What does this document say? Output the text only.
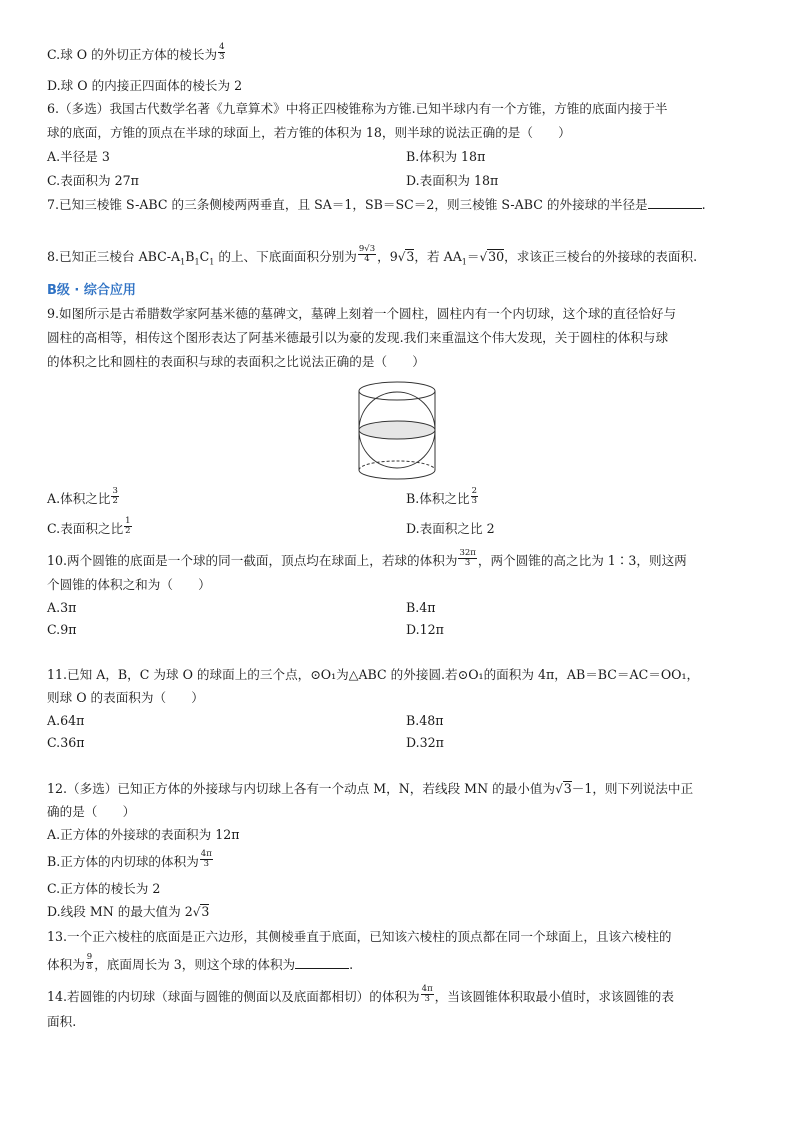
C.球 O 的外切正方体的棱长为 $\frac{4}{3}$
D.球 O 的内接正四面体的棱长为 2
6.（多选）我国古代数学名著《九章算术》中将正四棱锥称为方锥.已知半球内有一个方锥，方锥的底面内接于半
球的底面，方锥的顶点在半球的球面上，若方锥的体积为 18，则半球的说法正确的是（　　）
A.半径是 3	B.体积为 18π
C.表面积为 27π	D.表面积为 18π
7.已知三棱锥 S-ABC 的三条侧棱两两垂直，且 SA＝1，SB＝SC＝2，则三棱锥 S-ABC 的外接球的半径是	.
8.已知正三棱台 ABC-$A_1B_1C_1$ 的上、下底面面积分别为 $\frac{9√3}{4}$ ，9√3，若 $AA_1=√30$，求该正三棱台的外接球的表面积.
B级 · 综合应用
9.如图所示是古希腊数学家阿基米德的墓碑文，墓碑上刻着一个圆柱，圆柱内有一个内切球，这个球的直径恰好与
圆柱的高相等，相传这个图形表达了阿基米德最引以为豪的发现.我们来重温这个伟大发现，关于圆柱的体积与球
的体积之比和圆柱的表面积与球的表面积之比说法正确的是（　　）
A.体积之比 $\frac{3}{2}$	B.体积之比 $\frac{2}{3}$
C.表面积之比 $\frac{1}{2}$	D.表面积之比 2
10.两个圆锥的底面是一个球的同一截面，顶点均在球面上，若球的体积为 $\frac{32\pi}{3}$ ，两个圆锥的高之比为 1∶3，则这两
个圆锥的体积之和为（　　）
A.3π	B.4π
C.9π	D.12π
11.已知 A，B，C 为球 O 的球面上的三个点，⊙O₁为△ABC 的外接圆.若⊙O₁的面积为 4π，AB＝BC＝AC＝OO₁，
则球 O 的表面积为（　　）
A.64π	B.48π
C.36π	D.32π
12.（多选）已知正方体的外接球与内切球上各有一个动点 M，N，若线段 MN 的最小值为√3－1，则下列说法中正
确的是（　　）
A.正方体的外接球的表面积为 12π
B.正方体的内切球的体积为 $\frac{4\pi}{3}$
C.正方体的棱长为 2
D.线段 MN 的最大值为 2√3
13.一个正六棱柱的底面是正六边形，其侧棱垂直于底面，已知该六棱柱的顶点都在同一个球面上，且该六棱柱的
体积为 $\frac{9}{8}$ ，底面周长为 3，则这个球的体积为	.
14.若圆锥的内切球（球面与圆锥的侧面以及底面都相切）的体积为 $\frac{4\pi}{3}$ ，当该圆锥体积取最小值时，求该圆锥的表
面积.
